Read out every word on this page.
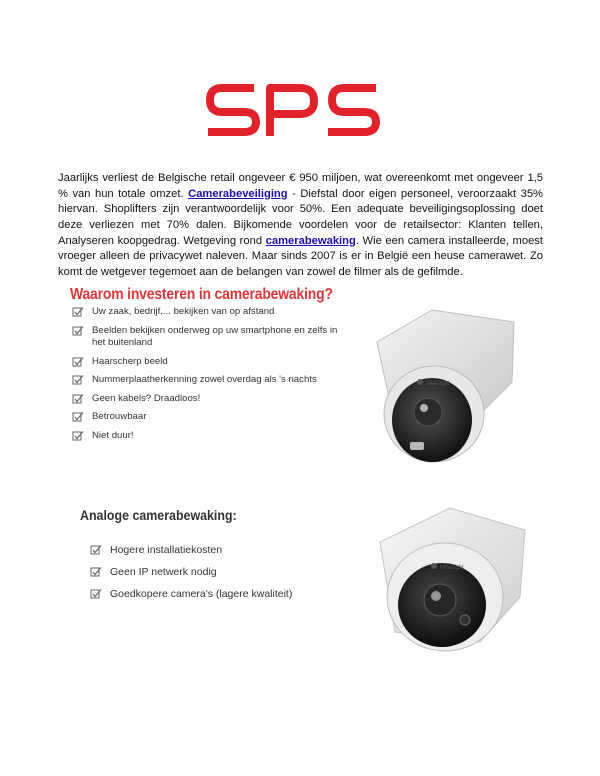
Jaarlijks verliest de Belgische retail ongeveer € 950 miljoen, wat overeenkomt met ongeveer 1,5 % van hun totale omzet. Camerabeveiliging - Diefstal door eigen personeel, veroorzaakt 35% hiervan. Shoplifters zijn verantwoordelijk voor 50%. Een adequate beveiligingsoplossing doet deze verliezen met 70% dalen. Bijkomende voordelen voor de retailsector: Klanten tellen, Analyseren koopgedrag. Wetgeving rond camerabewaking. Wie een camera installeerde, moest vroeger alleen de privacywet naleven. Maar sinds 2007 is er in België een heuse camerawet. Zo komt de wetgever tegemoet aan de belangen van zowel de filmer als de gefilmde.

Waarom investeren in camerabewaking?
Uw zaak, bedrijf,... bekijken van op afstand
Beelden bekijken onderweg op uw smartphone en zelfs in het buitenland
Haarscherp beeld
Nummerplaatherkenning zowel overdag als 's nachts
Geen kabels? Draadloos!
Betrouwbaar
Niet duur!
Milesight
Analoge camerabewaking:
Hogere installatiekosten
Geen IP netwerk nodig
Goedkopere camera's (lagere kwaliteit)
Milesight
